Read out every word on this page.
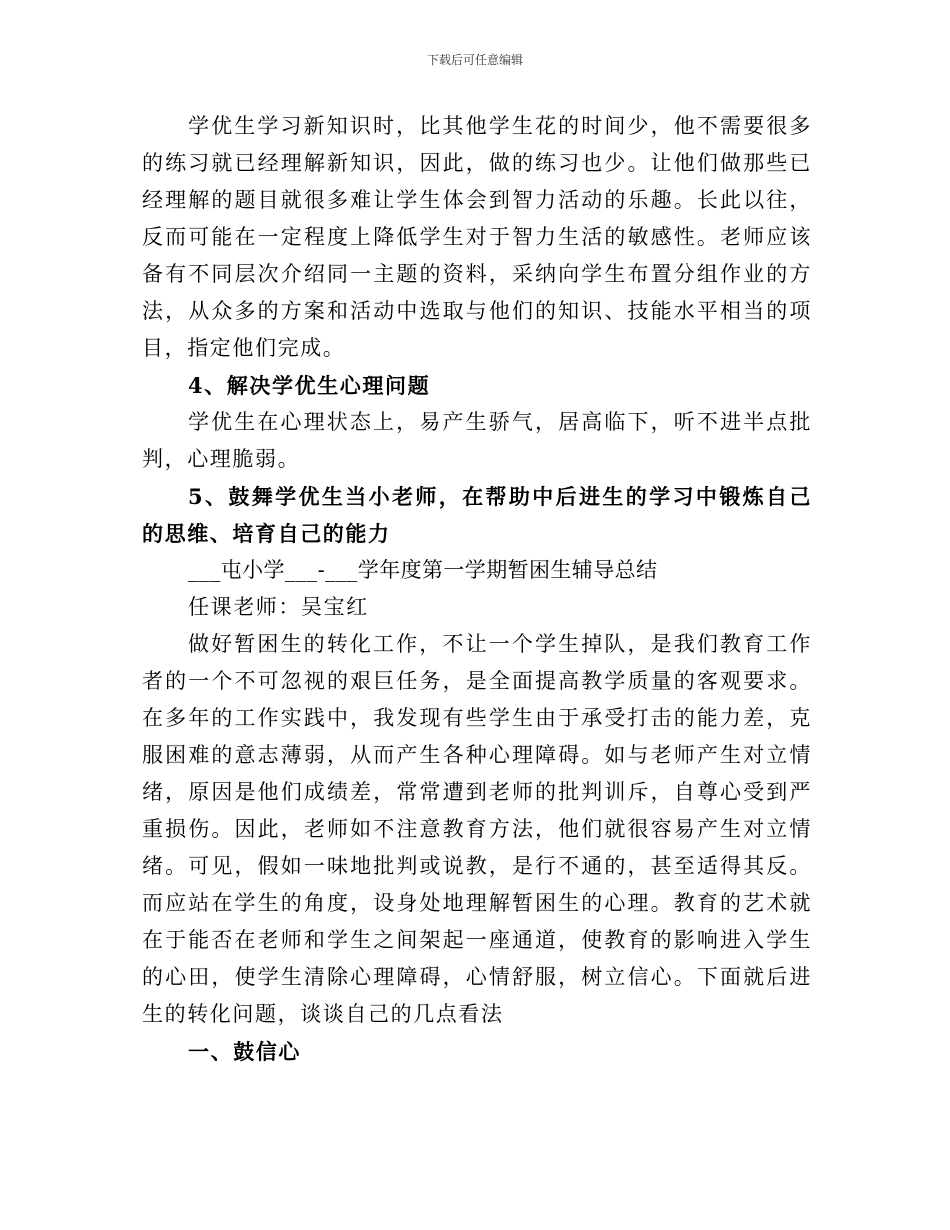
下载后可任意编辑

学优生学习新知识时，比其他学生花的时间少，他不需要很多的练习就已经理解新知识，因此，做的练习也少。让他们做那些已经理解的题目就很多难让学生体会到智力活动的乐趣。长此以往，反而可能在一定程度上降低学生对于智力生活的敏感性。老师应该备有不同层次介绍同一主题的资料，采纳向学生布置分组作业的方法，从众多的方案和活动中选取与他们的知识、技能水平相当的项目，指定他们完成。

4、解决学优生心理问题

学优生在心理状态上，易产生骄气，居高临下，听不进半点批判，心理脆弱。

5、鼓舞学优生当小老师，在帮助中后进生的学习中锻炼自己的思维、培育自己的能力

___屯小学___-___学年度第一学期暂困生辅导总结

任课老师：吴宝红

做好暂困生的转化工作，不让一个学生掉队，是我们教育工作者的一个不可忽视的艰巨任务，是全面提高教学质量的客观要求。在多年的工作实践中，我发现有些学生由于承受打击的能力差，克服困难的意志薄弱，从而产生各种心理障碍。如与老师产生对立情绪，原因是他们成绩差，常常遭到老师的批判训斥，自尊心受到严重损伤。因此，老师如不注意教育方法，他们就很容易产生对立情绪。可见，假如一味地批判或说教，是行不通的，甚至适得其反。而应站在学生的角度，设身处地理解暂困生的心理。教育的艺术就在于能否在老师和学生之间架起一座通道，使教育的影响进入学生的心田，使学生清除心理障碍，心情舒服，树立信心。下面就后进生的转化问题，谈谈自己的几点看法

一、鼓信心
